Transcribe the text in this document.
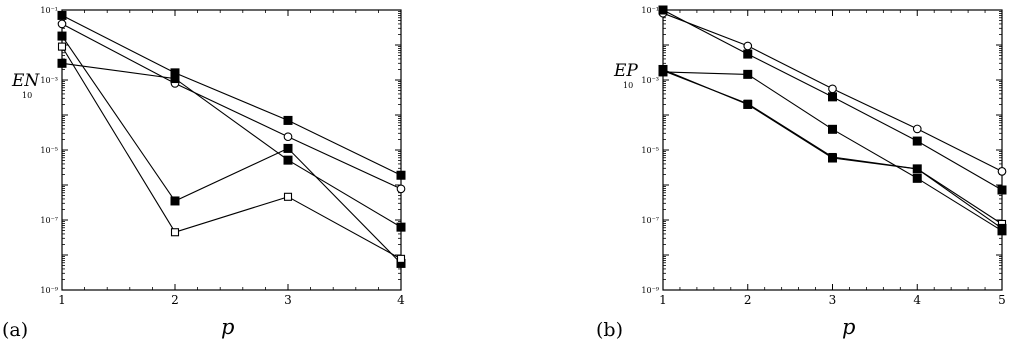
10⁻¹
10⁻³
10⁻⁵
10⁻⁷
10⁻⁹
1	2	3	4
EN
10
p
(a)
10⁻¹
10⁻³
10⁻⁵
10⁻⁷
10⁻⁹
1	2	3	4	5
EP
10
p
(b)
